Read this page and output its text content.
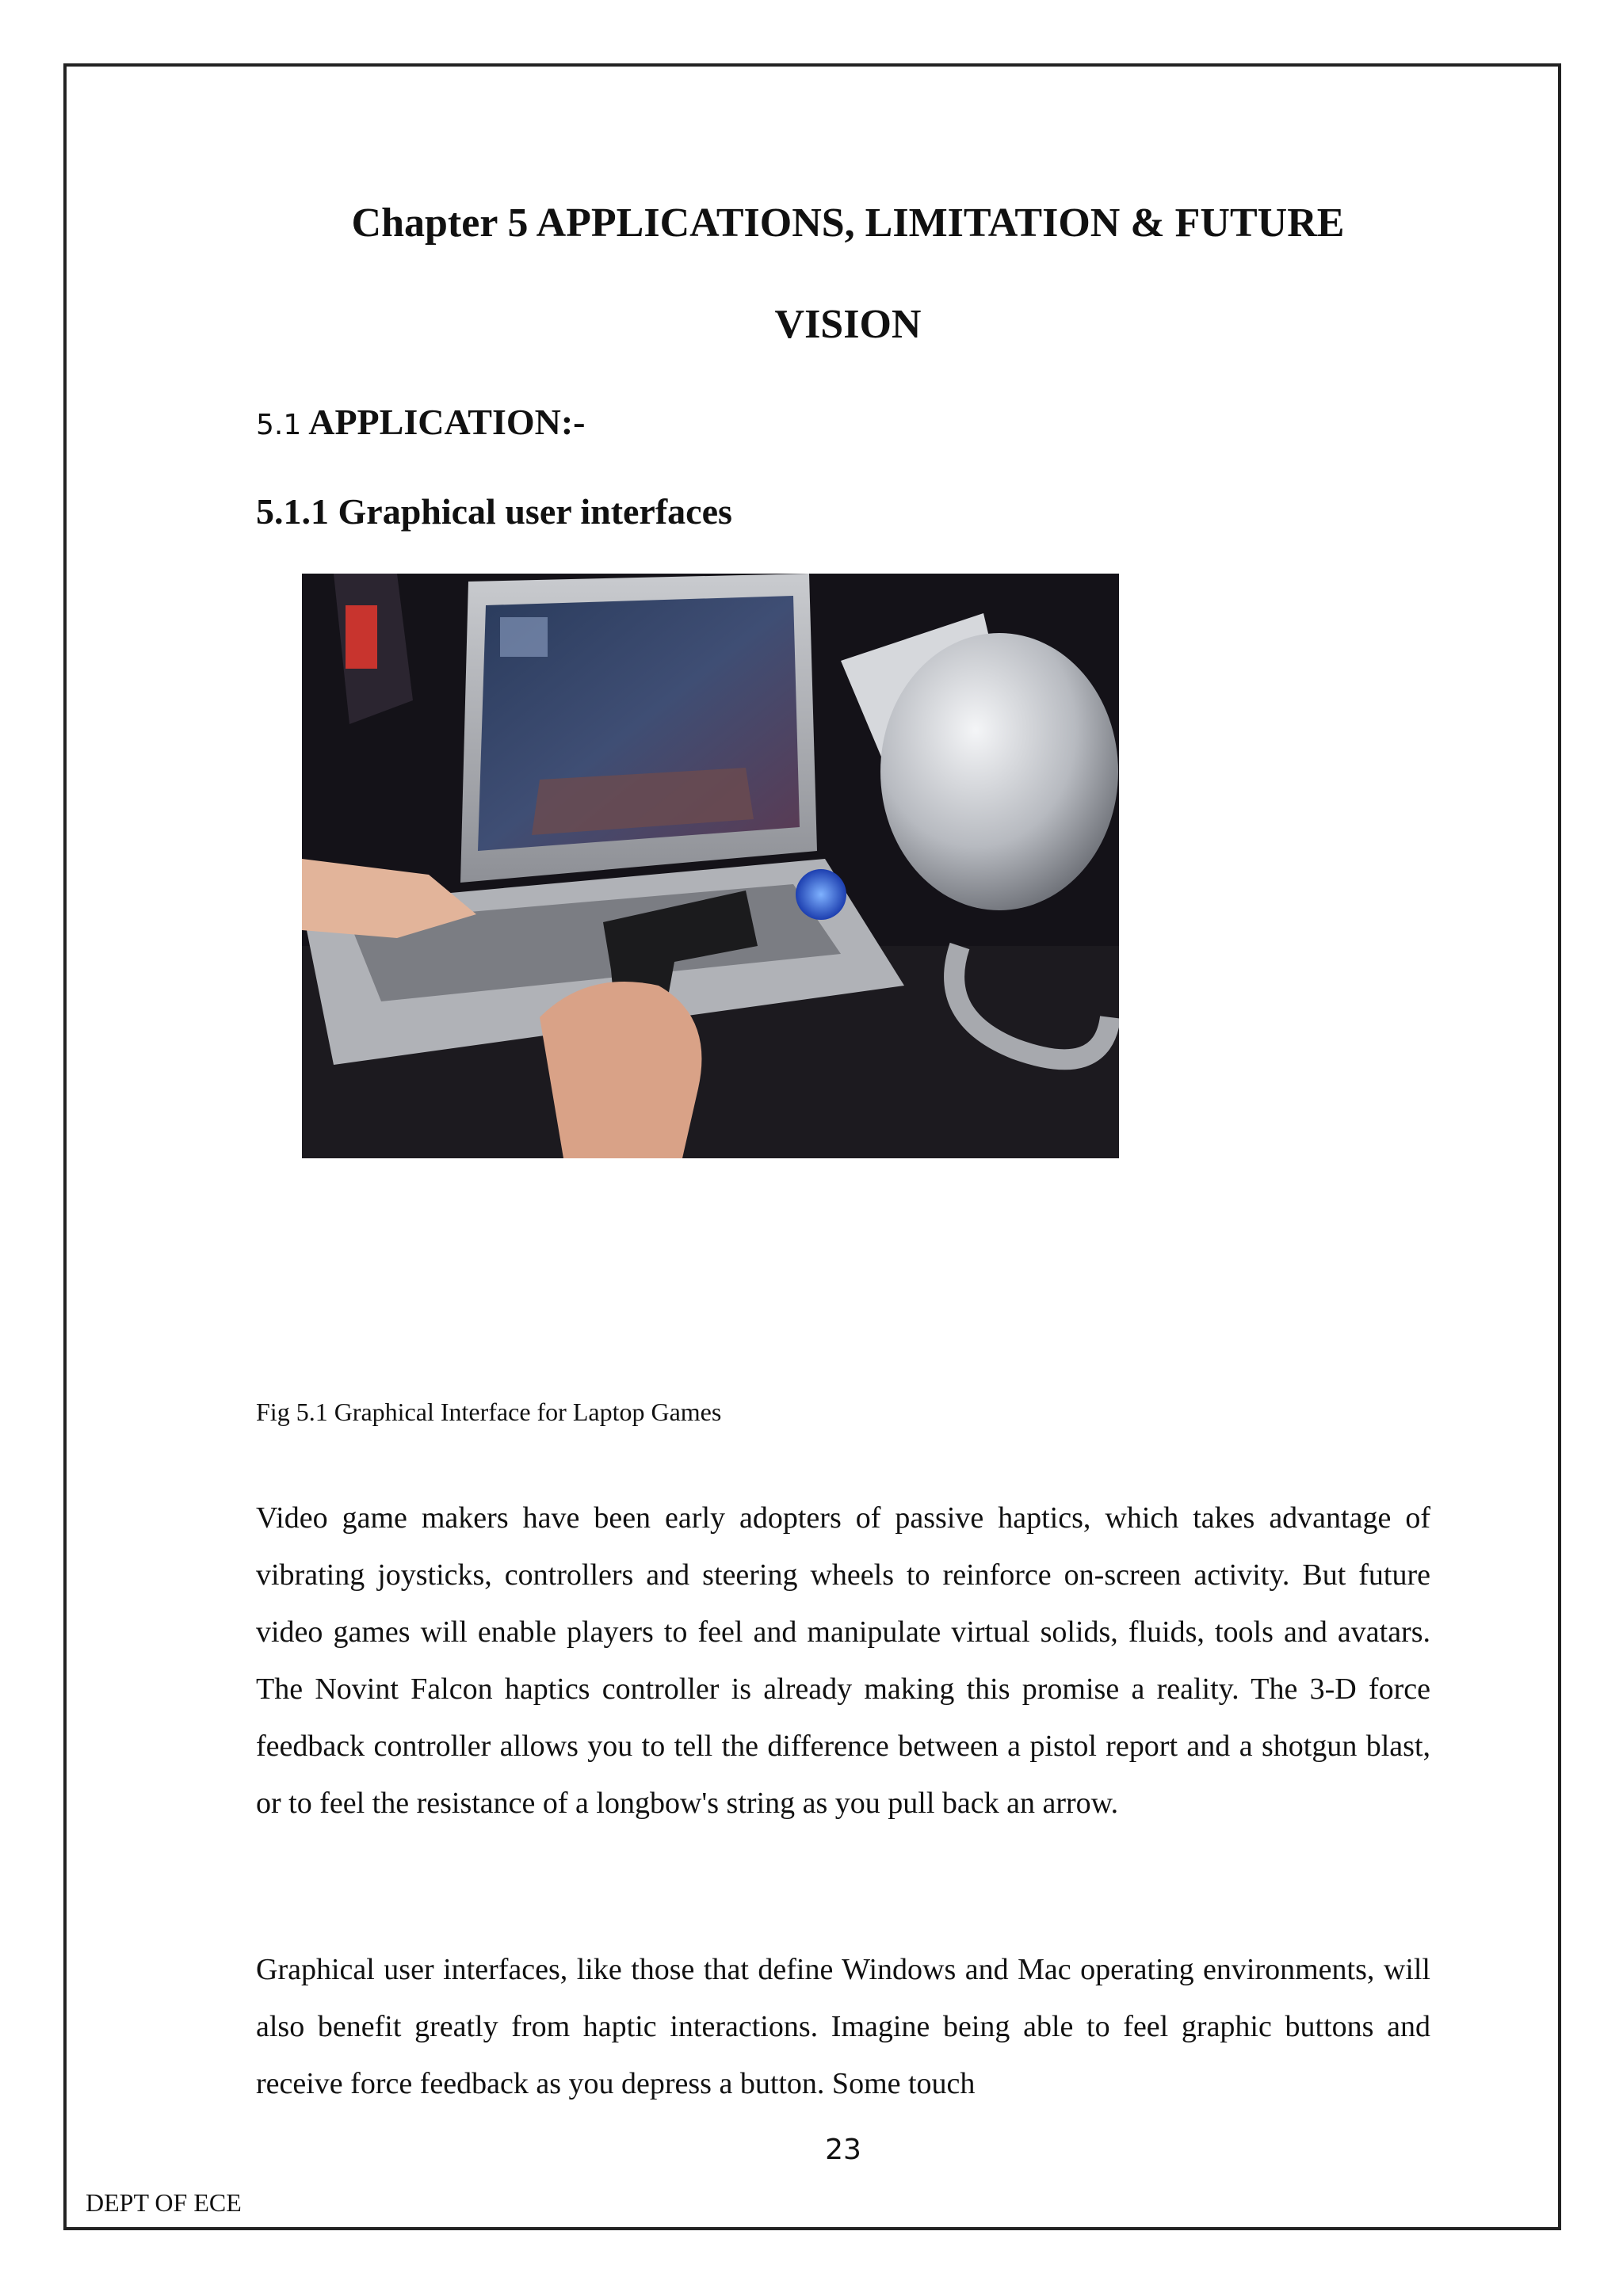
Chapter 5 APPLICATIONS, LIMITATION & FUTURE
VISION
5.1 APPLICATION:-
5.1.1 Graphical user interfaces

Fig 5.1 Graphical Interface for Laptop Games

Video game makers have been early adopters of passive haptics, which takes advantage of vibrating joysticks, controllers and steering wheels to reinforce on-screen activity. But future video games will enable players to feel and manipulate virtual solids, fluids, tools and avatars. The Novint Falcon haptics controller is already making this promise a reality. The 3-D force feedback controller allows you to tell the difference between a pistol report and a shotgun blast, or to feel the resistance of a longbow's string as you pull back an arrow.

Graphical user interfaces, like those that define Windows and Mac operating environments, will also benefit greatly from haptic interactions. Imagine being able to feel graphic buttons and receive force feedback as you depress a button. Some touch

23
DEPT OF ECE
